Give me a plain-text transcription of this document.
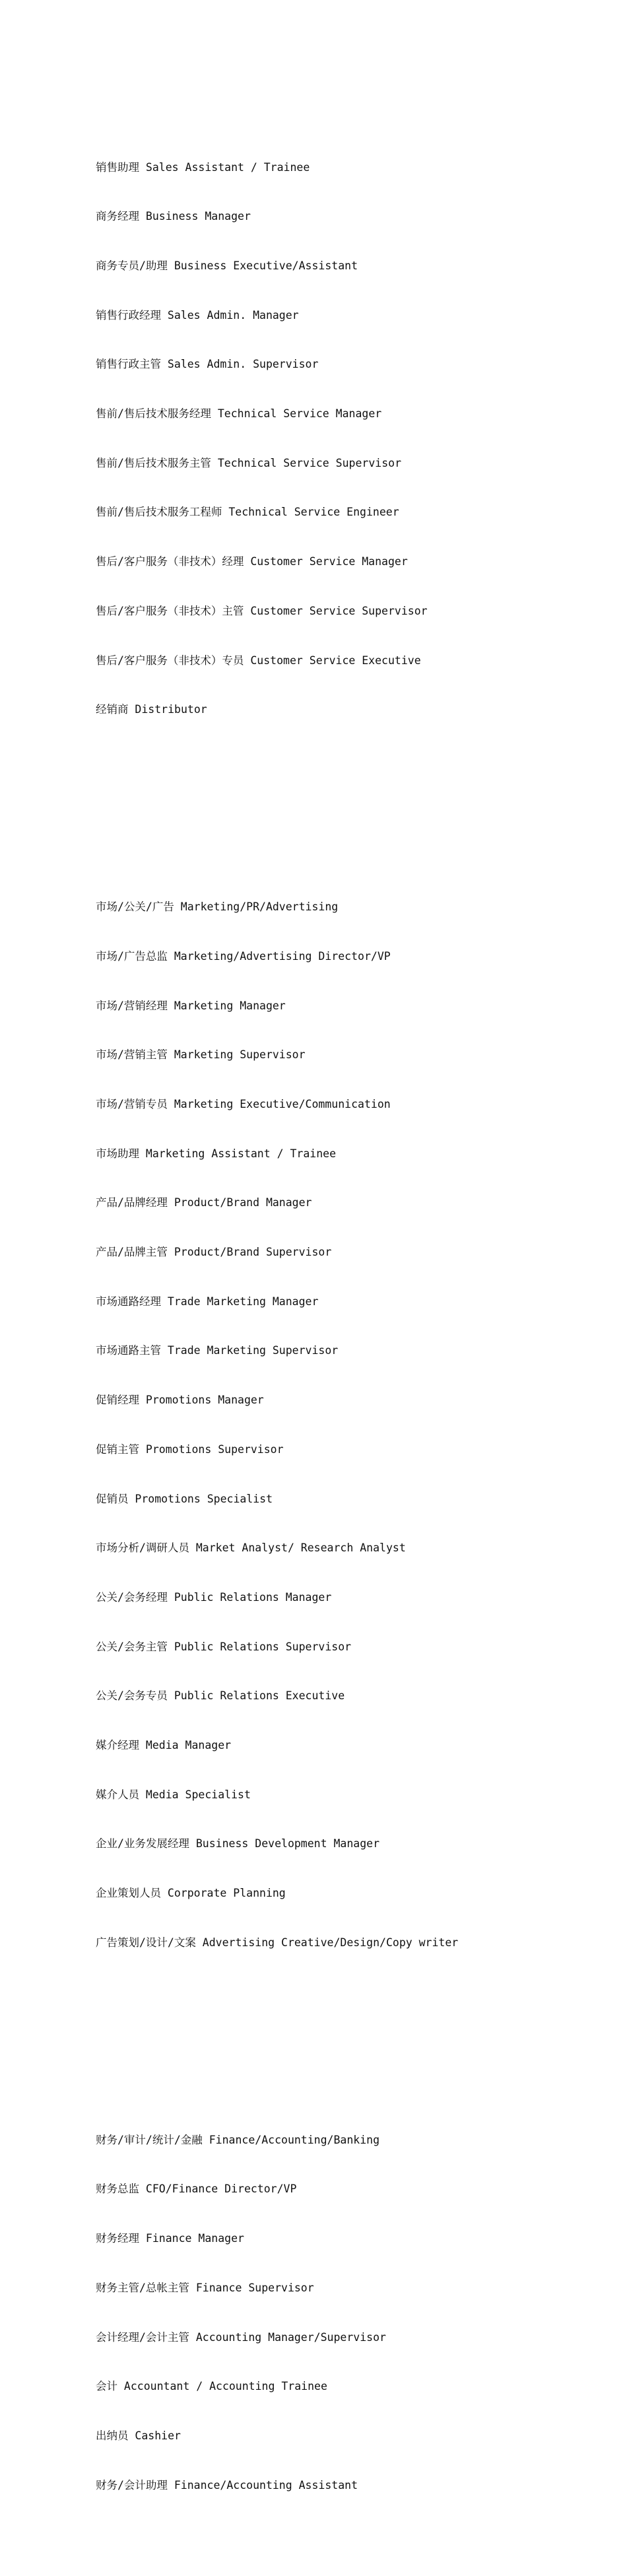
销售助理 Sales Assistant / Trainee

商务经理 Business Manager

商务专员/助理 Business Executive/Assistant

销售行政经理 Sales Admin. Manager

销售行政主管 Sales Admin. Supervisor

售前/售后技术服务经理 Technical Service Manager

售前/售后技术服务主管 Technical Service Supervisor

售前/售后技术服务工程师 Technical Service Engineer

售后/客户服务（非技术）经理 Customer Service Manager

售后/客户服务（非技术）主管 Customer Service Supervisor

售后/客户服务（非技术）专员 Customer Service Executive

经销商 Distributor

市场/公关/广告 Marketing/PR/Advertising

市场/广告总监 Marketing/Advertising Director/VP

市场/营销经理 Marketing Manager

市场/营销主管 Marketing Supervisor

市场/营销专员 Marketing Executive/Communication

市场助理 Marketing Assistant / Trainee

产品/品牌经理 Product/Brand Manager

产品/品牌主管 Product/Brand Supervisor

市场通路经理 Trade Marketing Manager

市场通路主管 Trade Marketing Supervisor

促销经理 Promotions Manager

促销主管 Promotions Supervisor

促销员 Promotions Specialist

市场分析/调研人员 Market Analyst/ Research Analyst

公关/会务经理 Public Relations Manager

公关/会务主管 Public Relations Supervisor

公关/会务专员 Public Relations Executive

媒介经理 Media Manager

媒介人员 Media Specialist

企业/业务发展经理 Business Development Manager

企业策划人员 Corporate Planning

广告策划/设计/文案 Advertising Creative/Design/Copy writer

财务/审计/统计/金融 Finance/Accounting/Banking

财务总监 CFO/Finance Director/VP

财务经理 Finance Manager

财务主管/总帐主管 Finance Supervisor

会计经理/会计主管 Accounting Manager/Supervisor

会计 Accountant / Accounting Trainee

出纳员 Cashier

财务/会计助理 Finance/Accounting Assistant
